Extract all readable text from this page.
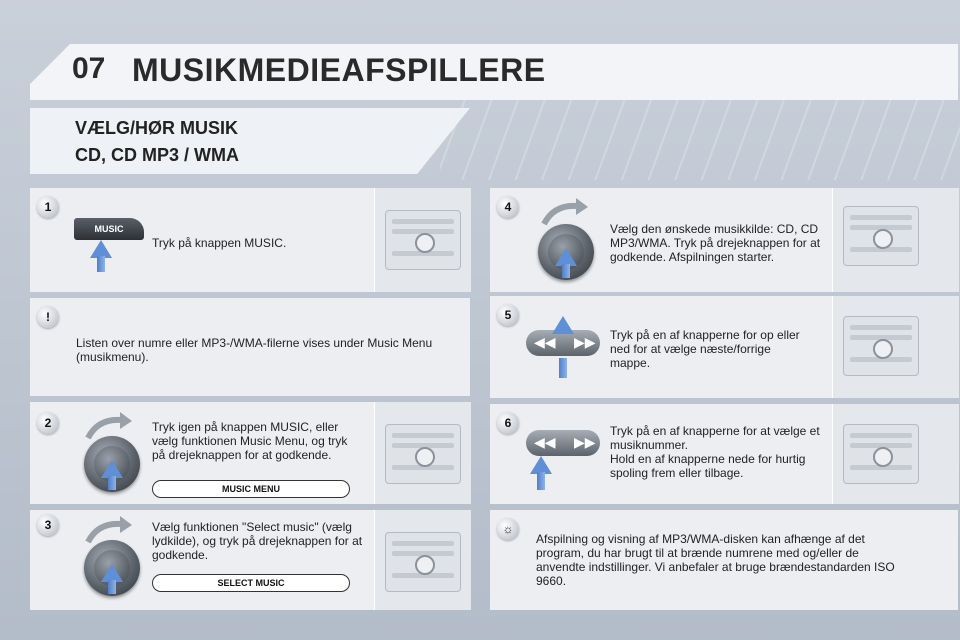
07 MUSIKMEDIEAFSPILLERE
VÆLG/HØR MUSIK
CD, CD MP3 / WMA
MUSIC
Tryk på knappen MUSIC.
1
Listen over numre eller MP3-/WMA-filerne vises under Music Menu (musikmenu).
!
Tryk igen på knappen MUSIC, eller vælg funktionen Music Menu, og tryk på drejeknappen for at godkende.
MUSIC MENU
2
Vælg funktionen "Select music" (vælg lydkilde), og tryk på drejeknappen for at godkende.
SELECT MUSIC
3
Vælg den ønskede musikkilde: CD, CD MP3/WMA. Tryk på drejeknappen for at godkende. Afspilningen starter.
4
◀◀ ▶▶ Tryk på en af knapperne for op eller ned for at vælge næste/forrige mappe.
5
◀◀ ▶▶
Tryk på en af knapperne for at vælge et musiknummer.
Hold en af knapperne nede for hurtig spoling frem eller tilbage.
6
Afspilning og visning af MP3/WMA-disken kan afhænge af det program, du har brugt til at brænde numrene med og/eller de anvendte indstillinger. Vi anbefaler at bruge brændestandarden ISO 9660.
☼
